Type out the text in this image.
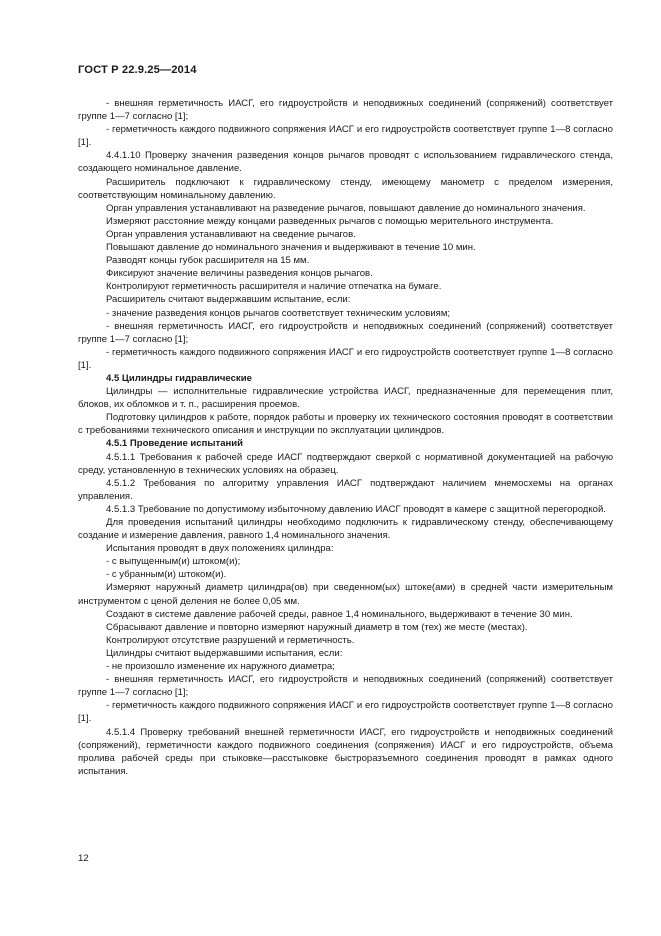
ГОСТ Р 22.9.25—2014

- внешняя герметичность ИАСГ, его гидроустройств и неподвижных соединений (сопряжений) соответствует группе 1—7 согласно [1];

- герметичность каждого подвижного сопряжения ИАСГ и его гидроустройств соответствует группе 1—8 согласно [1].

4.4.1.10 Проверку значения разведения концов рычагов проводят с использованием гидравлического стенда, создающего номинальное давление.

Расширитель подключают к гидравлическому стенду, имеющему манометр с пределом измерения, соответствующим номинальному давлению.

Орган управления устанавливают на разведение рычагов, повышают давление до номинального значения.

Измеряют расстояние между концами разведенных рычагов с помощью мерительного инструмента.

Орган управления устанавливают на сведение рычагов.

Повышают давление до номинального значения и выдерживают в течение 10 мин.

Разводят концы губок расширителя на 15 мм.

Фиксируют значение величины разведения концов рычагов.

Контролируют герметичность расширителя и наличие отпечатка на бумаге.

Расширитель считают выдержавшим испытание, если:

- значение разведения концов рычагов соответствует техническим условиям;

- внешняя герметичность ИАСГ, его гидроустройств и неподвижных соединений (сопряжений) соответствует группе 1—7 согласно [1];

- герметичность каждого подвижного сопряжения ИАСГ и его гидроустройств соответствует группе 1—8 согласно [1].

4.5 Цилиндры гидравлические

Цилиндры — исполнительные гидравлические устройства ИАСГ, предназначенные для перемещения плит, блоков, их обломков и т. п., расширения проемов.

Подготовку цилиндров к работе, порядок работы и проверку их технического состояния проводят в соответствии с требованиями технического описания и инструкции по эксплуатации цилиндров.

4.5.1 Проведение испытаний

4.5.1.1 Требования к рабочей среде ИАСГ подтверждают сверкой с нормативной документацией на рабочую среду, установленную в технических условиях на образец.

4.5.1.2 Требования по алгоритму управления ИАСГ подтверждают наличием мнемосхемы на органах управления.

4.5.1.3 Требование по допустимому избыточному давлению ИАСГ проводят в камере с защитной перегородкой.

Для проведения испытаний цилиндры необходимо подключить к гидравлическому стенду, обеспечивающему создание и измерение давления, равного 1,4 номинального значения.

Испытания проводят в двух положениях цилиндра:

- с выпущенным(и) штоком(и);

- с убранным(и) штоком(и).

Измеряют наружный диаметр цилиндра(ов) при сведенном(ых) штоке(ами) в средней части измерительным инструментом с ценой деления не более 0,05 мм.

Создают в системе давление рабочей среды, равное 1,4 номинального, выдерживают в течение 30 мин.

Сбрасывают давление и повторно измеряют наружный диаметр в том (тех) же месте (местах).

Контролируют отсутствие разрушений и герметичность.

Цилиндры считают выдержавшими испытания, если:

- не произошло изменение их наружного диаметра;

- внешняя герметичность ИАСГ, его гидроустройств и неподвижных соединений (сопряжений) соответствует группе 1—7 согласно [1];

- герметичность каждого подвижного сопряжения ИАСГ и его гидроустройств соответствует группе 1—8 согласно [1].

4.5.1.4 Проверку требований внешней герметичности ИАСГ, его гидроустройств и неподвижных соединений (сопряжений), герметичности каждого подвижного соединения (сопряжения) ИАСГ и его гидроустройств, объема пролива рабочей среды при стыковке—расстыковке быстроразъемного соединения проводят в рамках одного испытания.

12
